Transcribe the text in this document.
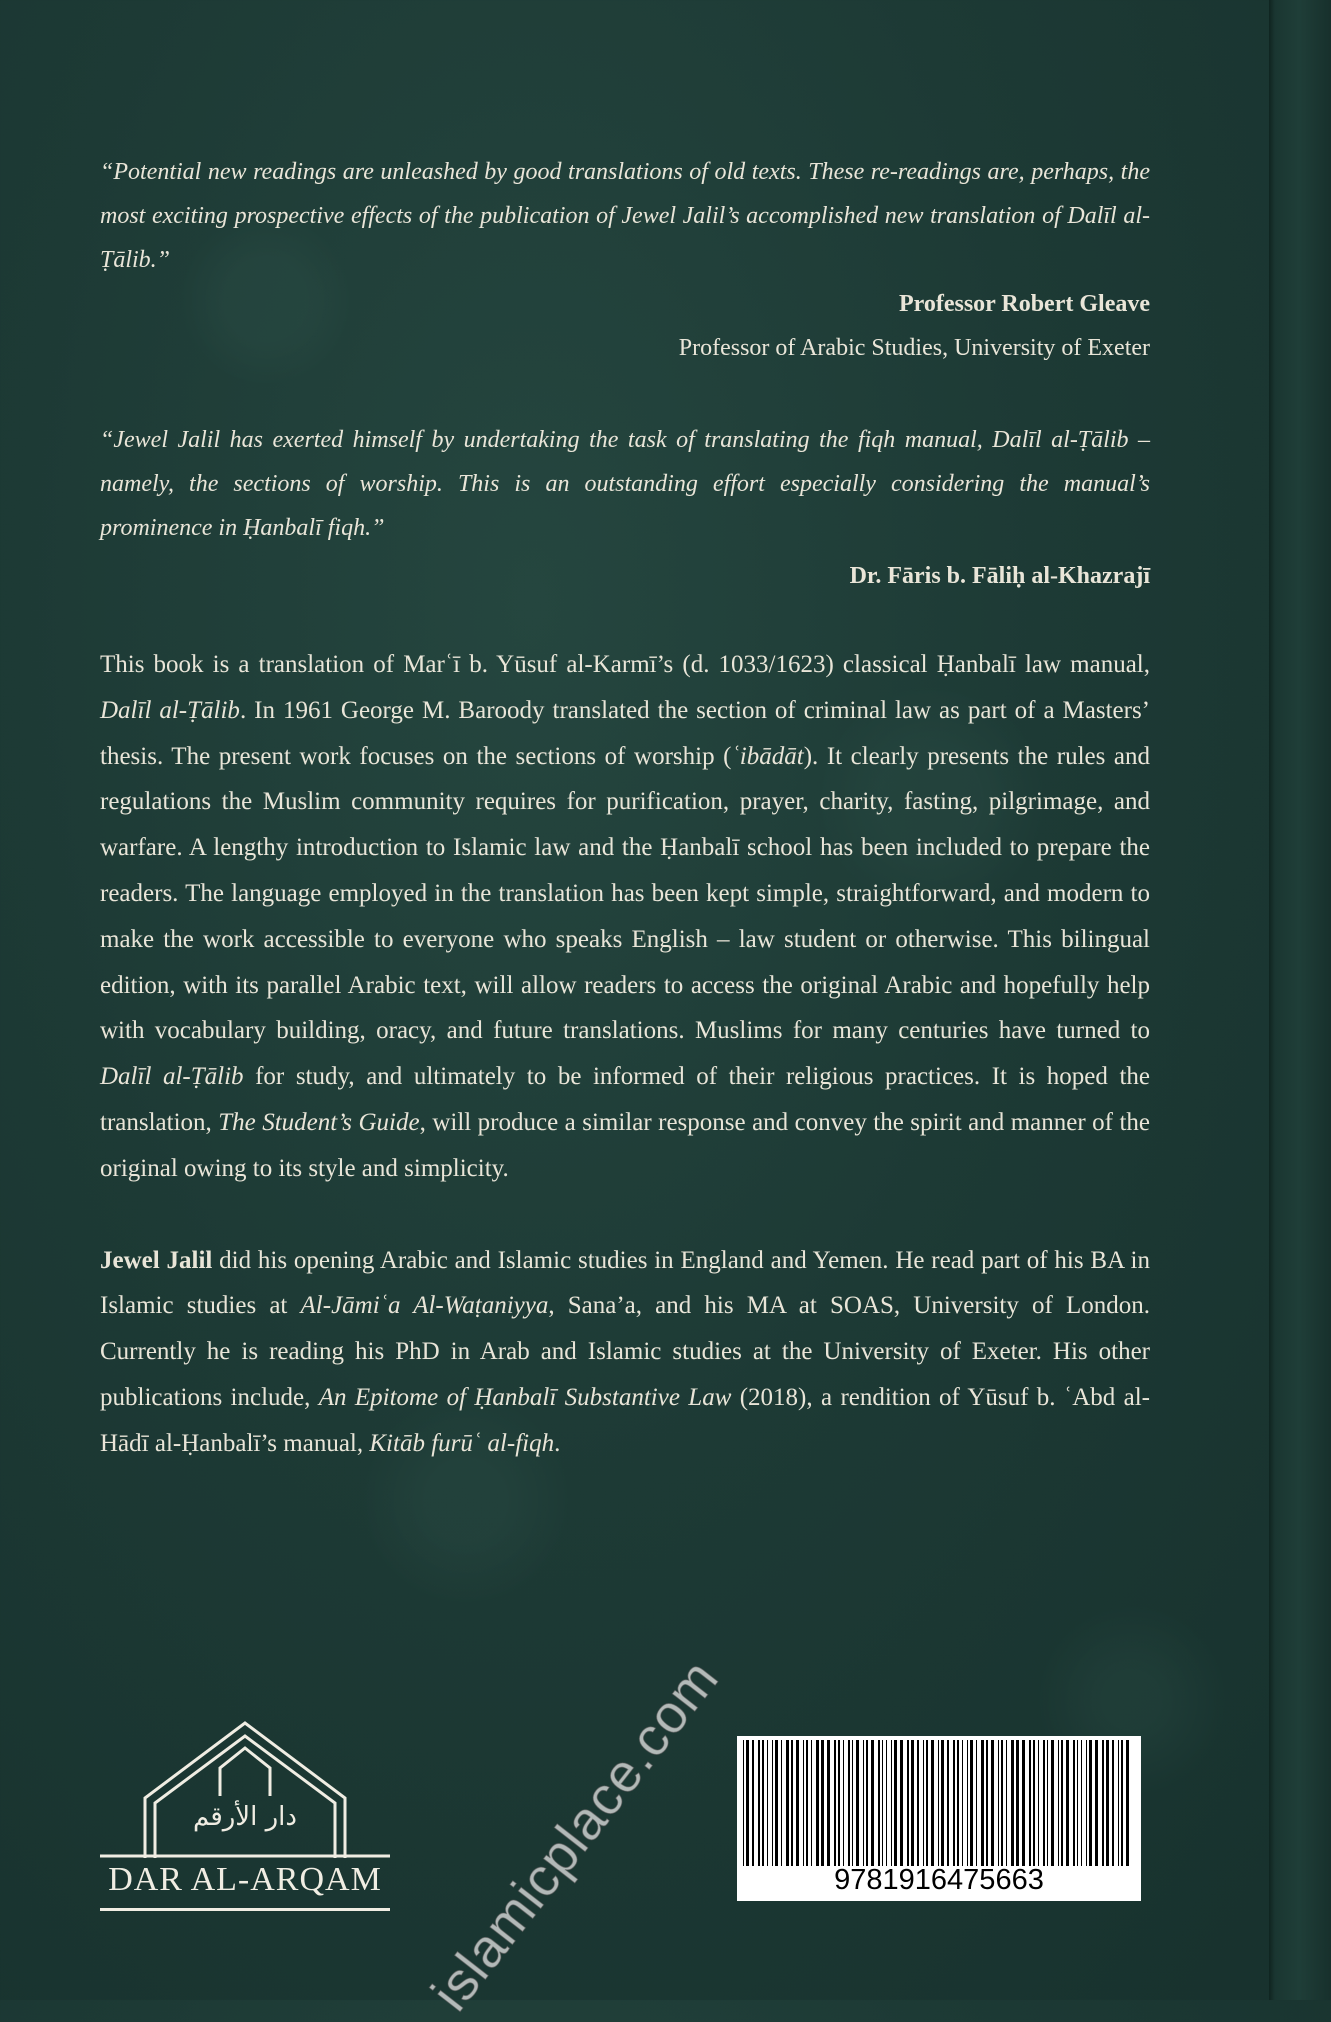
“Potential new readings are unleashed by good translations of old texts. These re-readings are, perhaps, the most exciting prospective effects of the publication of Jewel Jalil’s accomplished new translation of Dalīl al-Ṭālib.”

Professor Robert Gleave

Professor of Arabic Studies, University of Exeter

“Jewel Jalil has exerted himself by undertaking the task of translating the fiqh manual, Dalīl al-Ṭālib – namely, the sections of worship. This is an outstanding effort especially considering the manual’s prominence in Ḥanbalī fiqh.”

Dr. Fāris b. Fāliḥ al-Khazrajī

This book is a translation of Marʿī b. Yūsuf al-Karmī’s (d. 1033/1623) classical Ḥanbalī law manual, Dalīl al-Ṭālib. In 1961 George M. Baroody translated the section of criminal law as part of a Masters’ thesis. The present work focuses on the sections of worship (ʿibādāt). It clearly presents the rules and regulations the Muslim community requires for purification, prayer, charity, fasting, pilgrimage, and warfare. A lengthy introduction to Islamic law and the Ḥanbalī school has been included to prepare the readers. The language employed in the translation has been kept simple, straightforward, and modern to make the work accessible to everyone who speaks English – law student or otherwise. This bilingual edition, with its parallel Arabic text, will allow readers to access the original Arabic and hopefully help with vocabulary building, oracy, and future translations. Muslims for many centuries have turned to Dalīl al-Ṭālib for study, and ultimately to be informed of their religious practices. It is hoped the translation, The Student’s Guide, will produce a similar response and convey the spirit and manner of the original owing to its style and simplicity.

Jewel Jalil did his opening Arabic and Islamic studies in England and Yemen. He read part of his BA in Islamic studies at Al-Jāmiʿa Al-Waṭaniyya, Sana’a, and his MA at SOAS, University of London. Currently he is reading his PhD in Arab and Islamic studies at the University of Exeter. His other publications include, An Epitome of Ḥanbalī Substantive Law (2018), a rendition of Yūsuf b. ʿAbd al-Hādī al-Ḥanbalī’s manual, Kitāb furūʿ al-fiqh.

دار الأرقم
DAR AL-ARQAM	9781916475663
islamicplace.com
